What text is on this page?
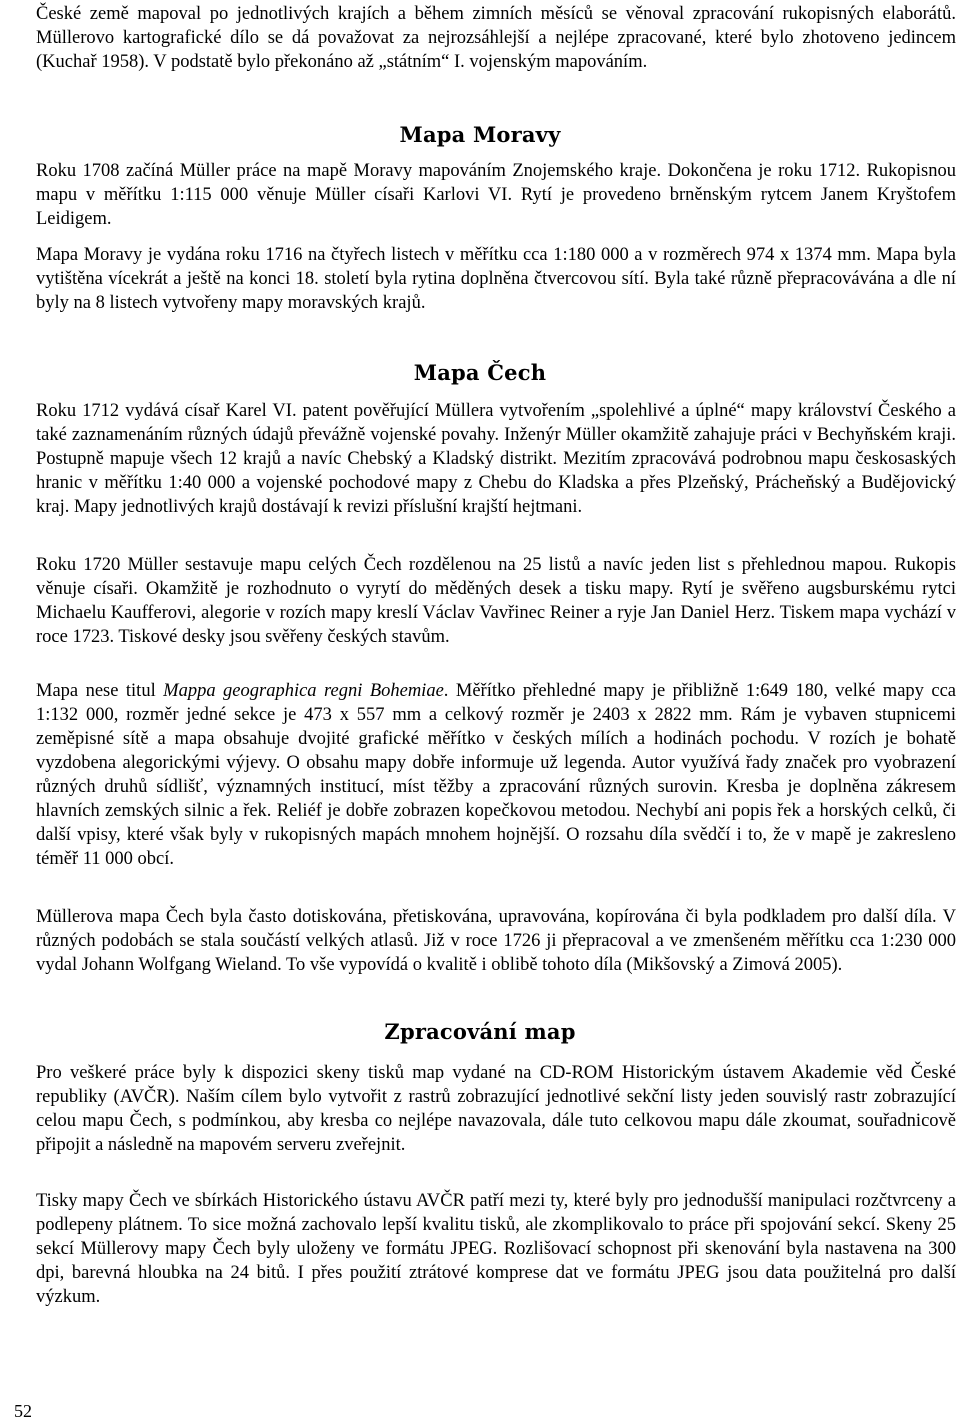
České země mapoval po jednotlivých krajích a během zimních měsíců se věnoval zpracování rukopisných elaborátů. Müllerovo kartografické dílo se dá považovat za nejrozsáhlejší a nejlépe zpracované, které bylo zhotoveno jedincem (Kuchař 1958). V podstatě bylo překonáno až „státním“ I. vojenským mapováním.

Mapa Moravy

Roku 1708 začíná Müller práce na mapě Moravy mapováním Znojemského kraje. Dokončena je roku 1712. Rukopisnou mapu v měřítku 1:115 000 věnuje Müller císaři Karlovi VI. Rytí je provedeno brněnským rytcem Janem Kryštofem Leidigem.

Mapa Moravy je vydána roku 1716 na čtyřech listech v měřítku cca 1:180 000 a v rozměrech 974 x 1374 mm. Mapa byla vytištěna vícekrát a ještě na konci 18. století byla rytina doplněna čtvercovou sítí. Byla také různě přepracovávána a dle ní byly na 8 listech vytvořeny mapy moravských krajů.

Mapa Čech

Roku 1712 vydává císař Karel VI. patent pověřující Müllera vytvořením „spolehlivé a úplné“ mapy království Českého a také zaznamenáním různých údajů převážně vojenské povahy. Inženýr Müller okamžitě zahajuje práci v Bechyňském kraji. Postupně mapuje všech 12 krajů a navíc Chebský a Kladský distrikt. Mezitím zpracovává podrobnou mapu českosaských hranic v měřítku 1:40 000 a vojenské pochodové mapy z Chebu do Kladska a přes Plzeňský, Prácheňský a Budějovický kraj. Mapy jednotlivých krajů dostávají k revizi příslušní krajští hejtmani.

Roku 1720 Müller sestavuje mapu celých Čech rozdělenou na 25 listů a navíc jeden list s přehlednou mapou. Rukopis věnuje císaři. Okamžitě je rozhodnuto o vyrytí do měděných desek a tisku mapy. Rytí je svěřeno augsburskému rytci Michaelu Kaufferovi, alegorie v rozích mapy kreslí Václav Vavřinec Reiner a ryje Jan Daniel Herz. Tiskem mapa vychází v roce 1723. Tiskové desky jsou svěřeny českých stavům.

Mapa nese titul Mappa geographica regni Bohemiae. Měřítko přehledné mapy je přibližně 1:649 180, velké mapy cca 1:132 000, rozměr jedné sekce je 473 x 557 mm a celkový rozměr je 2403 x 2822 mm. Rám je vybaven stupnicemi zeměpisné sítě a mapa obsahuje dvojité grafické měřítko v českých mílích a hodinách pochodu. V rozích je bohatě vyzdobena alegorickými výjevy. O obsahu mapy dobře informuje už legenda. Autor využívá řady značek pro vyobrazení různých druhů sídlišť, významných institucí, míst těžby a zpracování různých surovin. Kresba je doplněna zákresem hlavních zemských silnic a řek. Reliéf je dobře zobrazen kopečkovou metodou. Nechybí ani popis řek a horských celků, či další vpisy, které však byly v rukopisných mapách mnohem hojnější. O rozsahu díla svědčí i to, že v mapě je zakresleno téměř 11 000 obcí.

Müllerova mapa Čech byla často dotiskována, přetiskována, upravována, kopírována či byla podkladem pro další díla. V různých podobách se stala součástí velkých atlasů. Již v roce 1726 ji přepracoval a ve zmenšeném měřítku cca 1:230 000 vydal Johann Wolfgang Wieland. To vše vypovídá o kvalitě i oblibě tohoto díla (Mikšovský a Zimová 2005).

Zpracování map

Pro veškeré práce byly k dispozici skeny tisků map vydané na CD-ROM Historickým ústavem Akademie věd České republiky (AVČR). Naším cílem bylo vytvořit z rastrů zobrazující jednotlivé sekční listy jeden souvislý rastr zobrazující celou mapu Čech, s podmínkou, aby kresba co nejlépe navazovala, dále tuto celkovou mapu dále zkoumat, souřadnicově připojit a následně na mapovém serveru zveřejnit.

Tisky mapy Čech ve sbírkách Historického ústavu AVČR patří mezi ty, které byly pro jednodušší manipulaci rozčtvrceny a podlepeny plátnem. To sice možná zachovalo lepší kvalitu tisků, ale zkomplikovalo to práce při spojování sekcí. Skeny 25 sekcí Müllerovy mapy Čech byly uloženy ve formátu JPEG. Rozlišovací schopnost při skenování byla nastavena na 300 dpi, barevná hloubka na 24 bitů. I přes použití ztrátové komprese dat ve formátu JPEG jsou data použitelná pro další výzkum.

52
